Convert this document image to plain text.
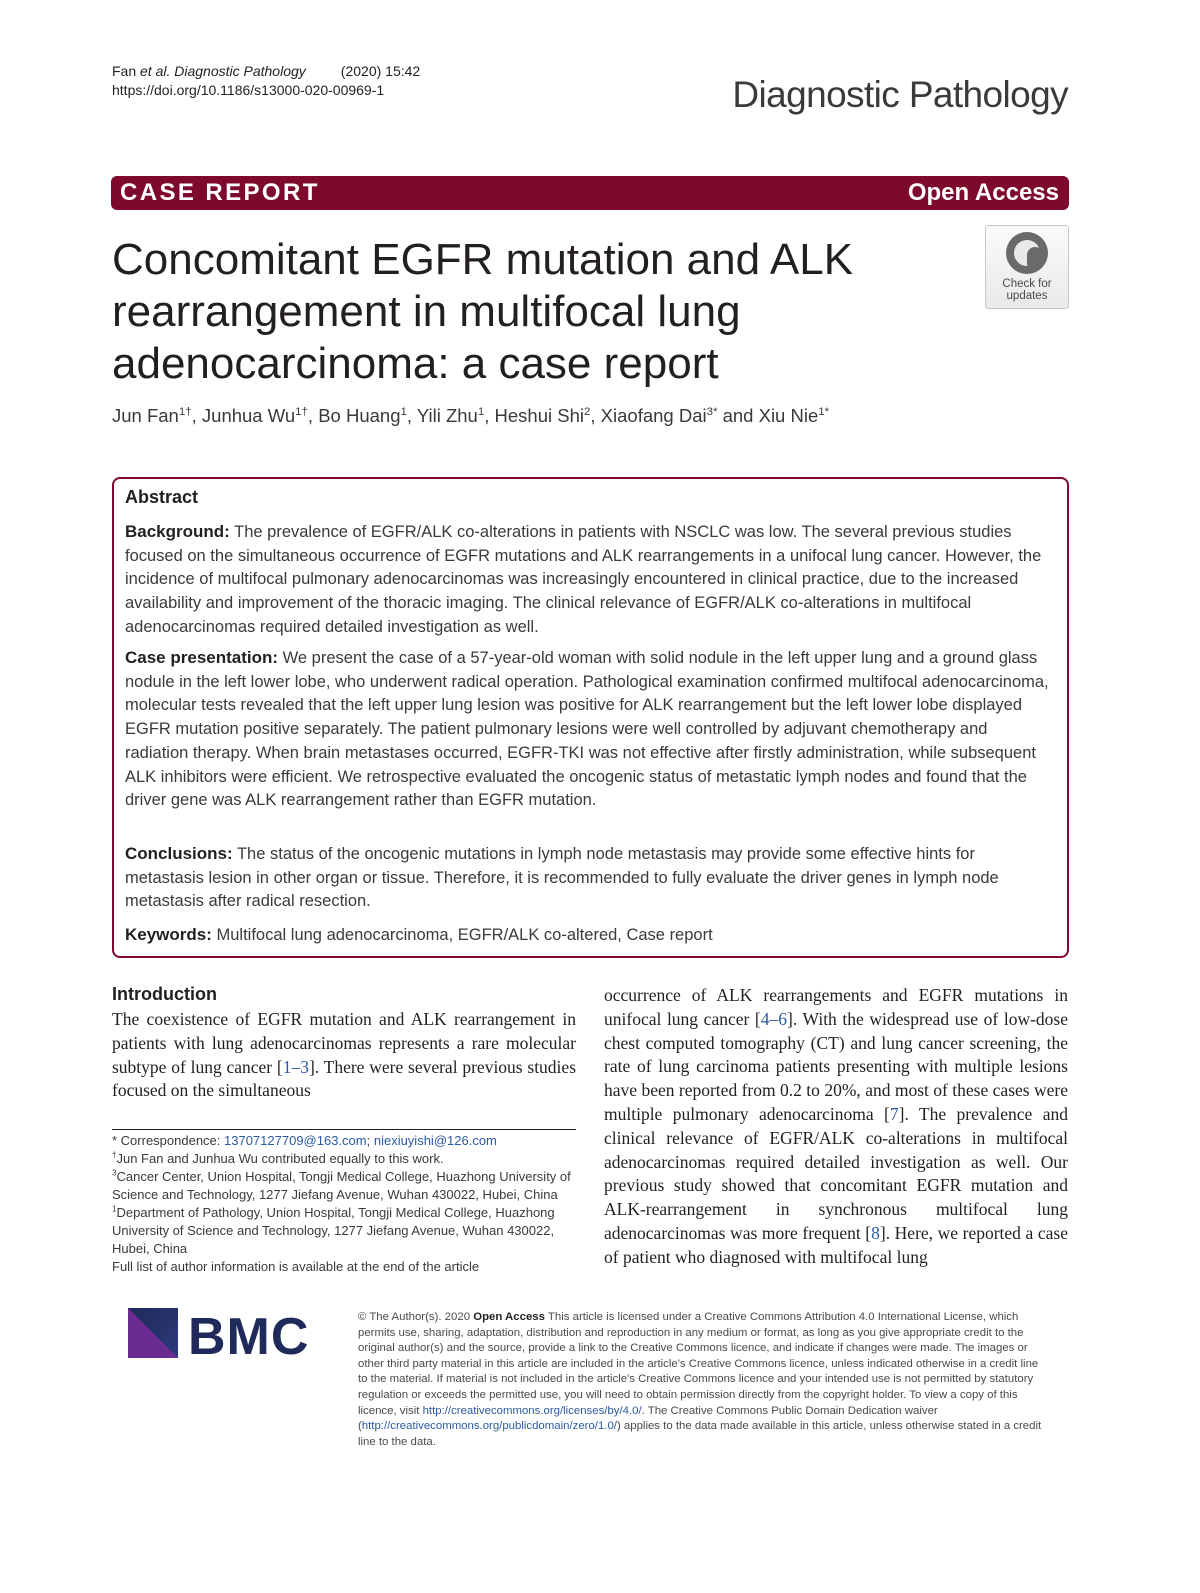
Fan et al. Diagnostic Pathology	(2020) 15:42
https://doi.org/10.1186/s13000-020-00969-1	Diagnostic Pathology
CASE REPORT	Open Access
Concomitant EGFR mutation and ALK
rearrangement in multifocal lung
adenocarcinoma: a case report
Check for
updates
Jun Fan$^{1\dagger}$, Junhua $Wu^{1\dagger}$, Bo Huang$^1$, Yili Zhu$^1$, Heshui Shi$^2$, Xiaofang Dai$^{3*}$ and Xiu Nie$^{1*}$
Abstract
Background: The prevalence of EGFR/ALK co-alterations in patients with NSCLC was low. The several previous studies focused on the simultaneous occurrence of EGFR mutations and ALK rearrangements in a unifocal lung cancer. However, the incidence of multifocal pulmonary adenocarcinomas was increasingly encountered in clinical practice, due to the increased availability and improvement of the thoracic imaging. The clinical relevance of EGFR/ALK co-alterations in multifocal adenocarcinomas required detailed investigation as well.
Case presentation: We present the case of a 57-year-old woman with solid nodule in the left upper lung and a ground glass nodule in the left lower lobe, who underwent radical operation. Pathological examination confirmed multifocal adenocarcinoma, molecular tests revealed that the left upper lung lesion was positive for ALK rearrangement but the left lower lobe displayed EGFR mutation positive separately. The patient pulmonary lesions were well controlled by adjuvant chemotherapy and radiation therapy. When brain metastases occurred, EGFR-TKI was not effective after firstly administration, while subsequent ALK inhibitors were efficient. We retrospective evaluated the oncogenic status of metastatic lymph nodes and found that the driver gene was ALK rearrangement rather than EGFR mutation.
Conclusions: The status of the oncogenic mutations in lymph node metastasis may provide some effective hints for metastasis lesion in other organ or tissue. Therefore, it is recommended to fully evaluate the driver genes in lymph node metastasis after radical resection.
Keywords: Multifocal lung adenocarcinoma, EGFR/ALK co-altered, Case report
Introduction
The coexistence of EGFR mutation and ALK rearrangement in patients with lung adenocarcinomas represents a rare molecular subtype of lung cancer [1–3]. There were several previous studies focused on the simultaneous
occurrence of ALK rearrangements and EGFR mutations in unifocal lung cancer [4–6]. With the widespread use of low-dose chest computed tomography (CT) and lung cancer screening, the rate of lung carcinoma patients presenting with multiple lesions have been reported from 0.2 to 20%, and most of these cases were multiple pulmonary adenocarcinoma [7]. The prevalence and clinical relevance of EGFR/ALK co-alterations in multifocal adenocarcinomas required detailed investigation as well. Our previous study showed that concomitant EGFR mutation and ALK-rearrangement in synchronous multifocal lung adenocarcinomas was more frequent [8]. Here, we reported a case of patient who diagnosed with multifocal lung
* Correspondence: 13707127709@163.com; niexiuyishi@126.com
†Jun Fan and Junhua Wu contributed equally to this work.
$^3$Cancer Center, Union Hospital, Tongji Medical College, Huazhong University of Science and Technology, 1277 Jiefang Avenue, Wuhan 430022, Hubei, China
$^1$Department of Pathology, Union Hospital, Tongji Medical College, Huazhong University of Science and Technology, 1277 Jiefang Avenue, Wuhan 430022, Hubei, China
Full list of author information is available at the end of the article
BMC	© The Author(s). 2020 Open Access This article is licensed under a Creative Commons Attribution 4.0 International License, which permits use, sharing, adaptation, distribution and reproduction in any medium or format, as long as you give appropriate credit to the original author(s) and the source, provide a link to the Creative Commons licence, and indicate if changes were made. The images or other third party material in this article are included in the article's Creative Commons licence, unless indicated otherwise in a credit line to the material. If material is not included in the article's Creative Commons licence and your intended use is not permitted by statutory regulation or exceeds the permitted use, you will need to obtain permission directly from the copyright holder. To view a copy of this licence, visit http://creativecommons.org/licenses/by/4.0/. The Creative Commons Public Domain Dedication waiver (http://creativecommons.org/publicdomain/zero/1.0/) applies to the data made available in this article, unless otherwise stated in a credit line to the data.
